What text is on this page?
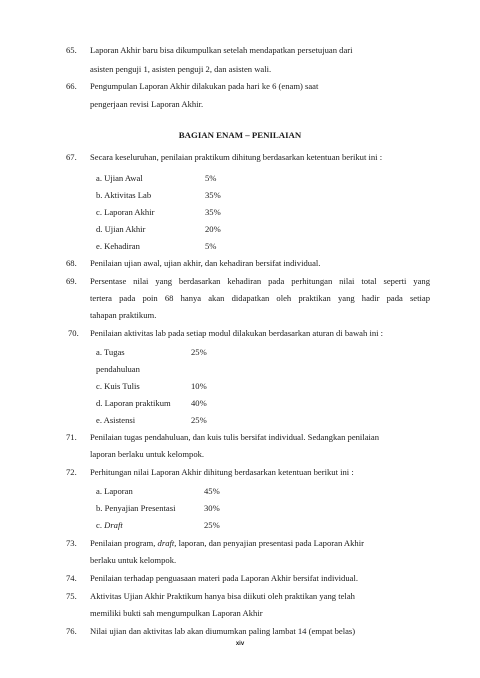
65.	Laporan Akhir baru bisa dikumpulkan setelah mendapatkan persetujuan dari
asisten penguji 1, asisten penguji 2, dan asisten wali.
66.	Pengumpulan Laporan Akhir dilakukan pada hari ke 6 (enam) saat
pengerjaan revisi Laporan Akhir.
BAGIAN ENAM – PENILAIAN
67.	Secara keseluruhan, penilaian praktikum dihitung berdasarkan ketentuan berikut ini :
a. Ujian Awal	5%
b. Aktivitas Lab	35%
c. Laporan Akhir	35%
d. Ujian Akhir	20%
e. Kehadiran	5%
68.	Penilaian ujian awal, ujian akhir, dan kehadiran bersifat individual.
69.	Persentase nilai yang berdasarkan kehadiran pada perhitungan nilai total seperti yang
tertera pada poin 68 hanya akan didapatkan oleh praktikan yang hadir pada setiap
tahapan praktikum.
70.	Penilaian aktivitas lab pada setiap modul dilakukan berdasarkan aturan di bawah ini :
a. Tugas	25%
pendahuluan
c. Kuis Tulis	10%
d. Laporan praktikum 40%
e. Asistensi	25%
71.	Penilaian tugas pendahuluan, dan kuis tulis bersifat individual. Sedangkan penilaian
laporan berlaku untuk kelompok.
72.	Perhitungan nilai Laporan Akhir dihitung berdasarkan ketentuan berikut ini :
a. Laporan	45%
b. Penyajian Presentasi	30%
c. Draft	25%
73.	Penilaian program, draft, laporan, dan penyajian presentasi pada Laporan Akhir
berlaku untuk kelompok.
74.	Penilaian terhadap penguasaan materi pada Laporan Akhir bersifat individual.
75.	Aktivitas Ujian Akhir Praktikum hanya bisa diikuti oleh praktikan yang telah
memiliki bukti sah mengumpulkan Laporan Akhir
76.	Nilai ujian dan aktivitas lab akan diumumkan paling lambat 14 (empat belas)
xiv
